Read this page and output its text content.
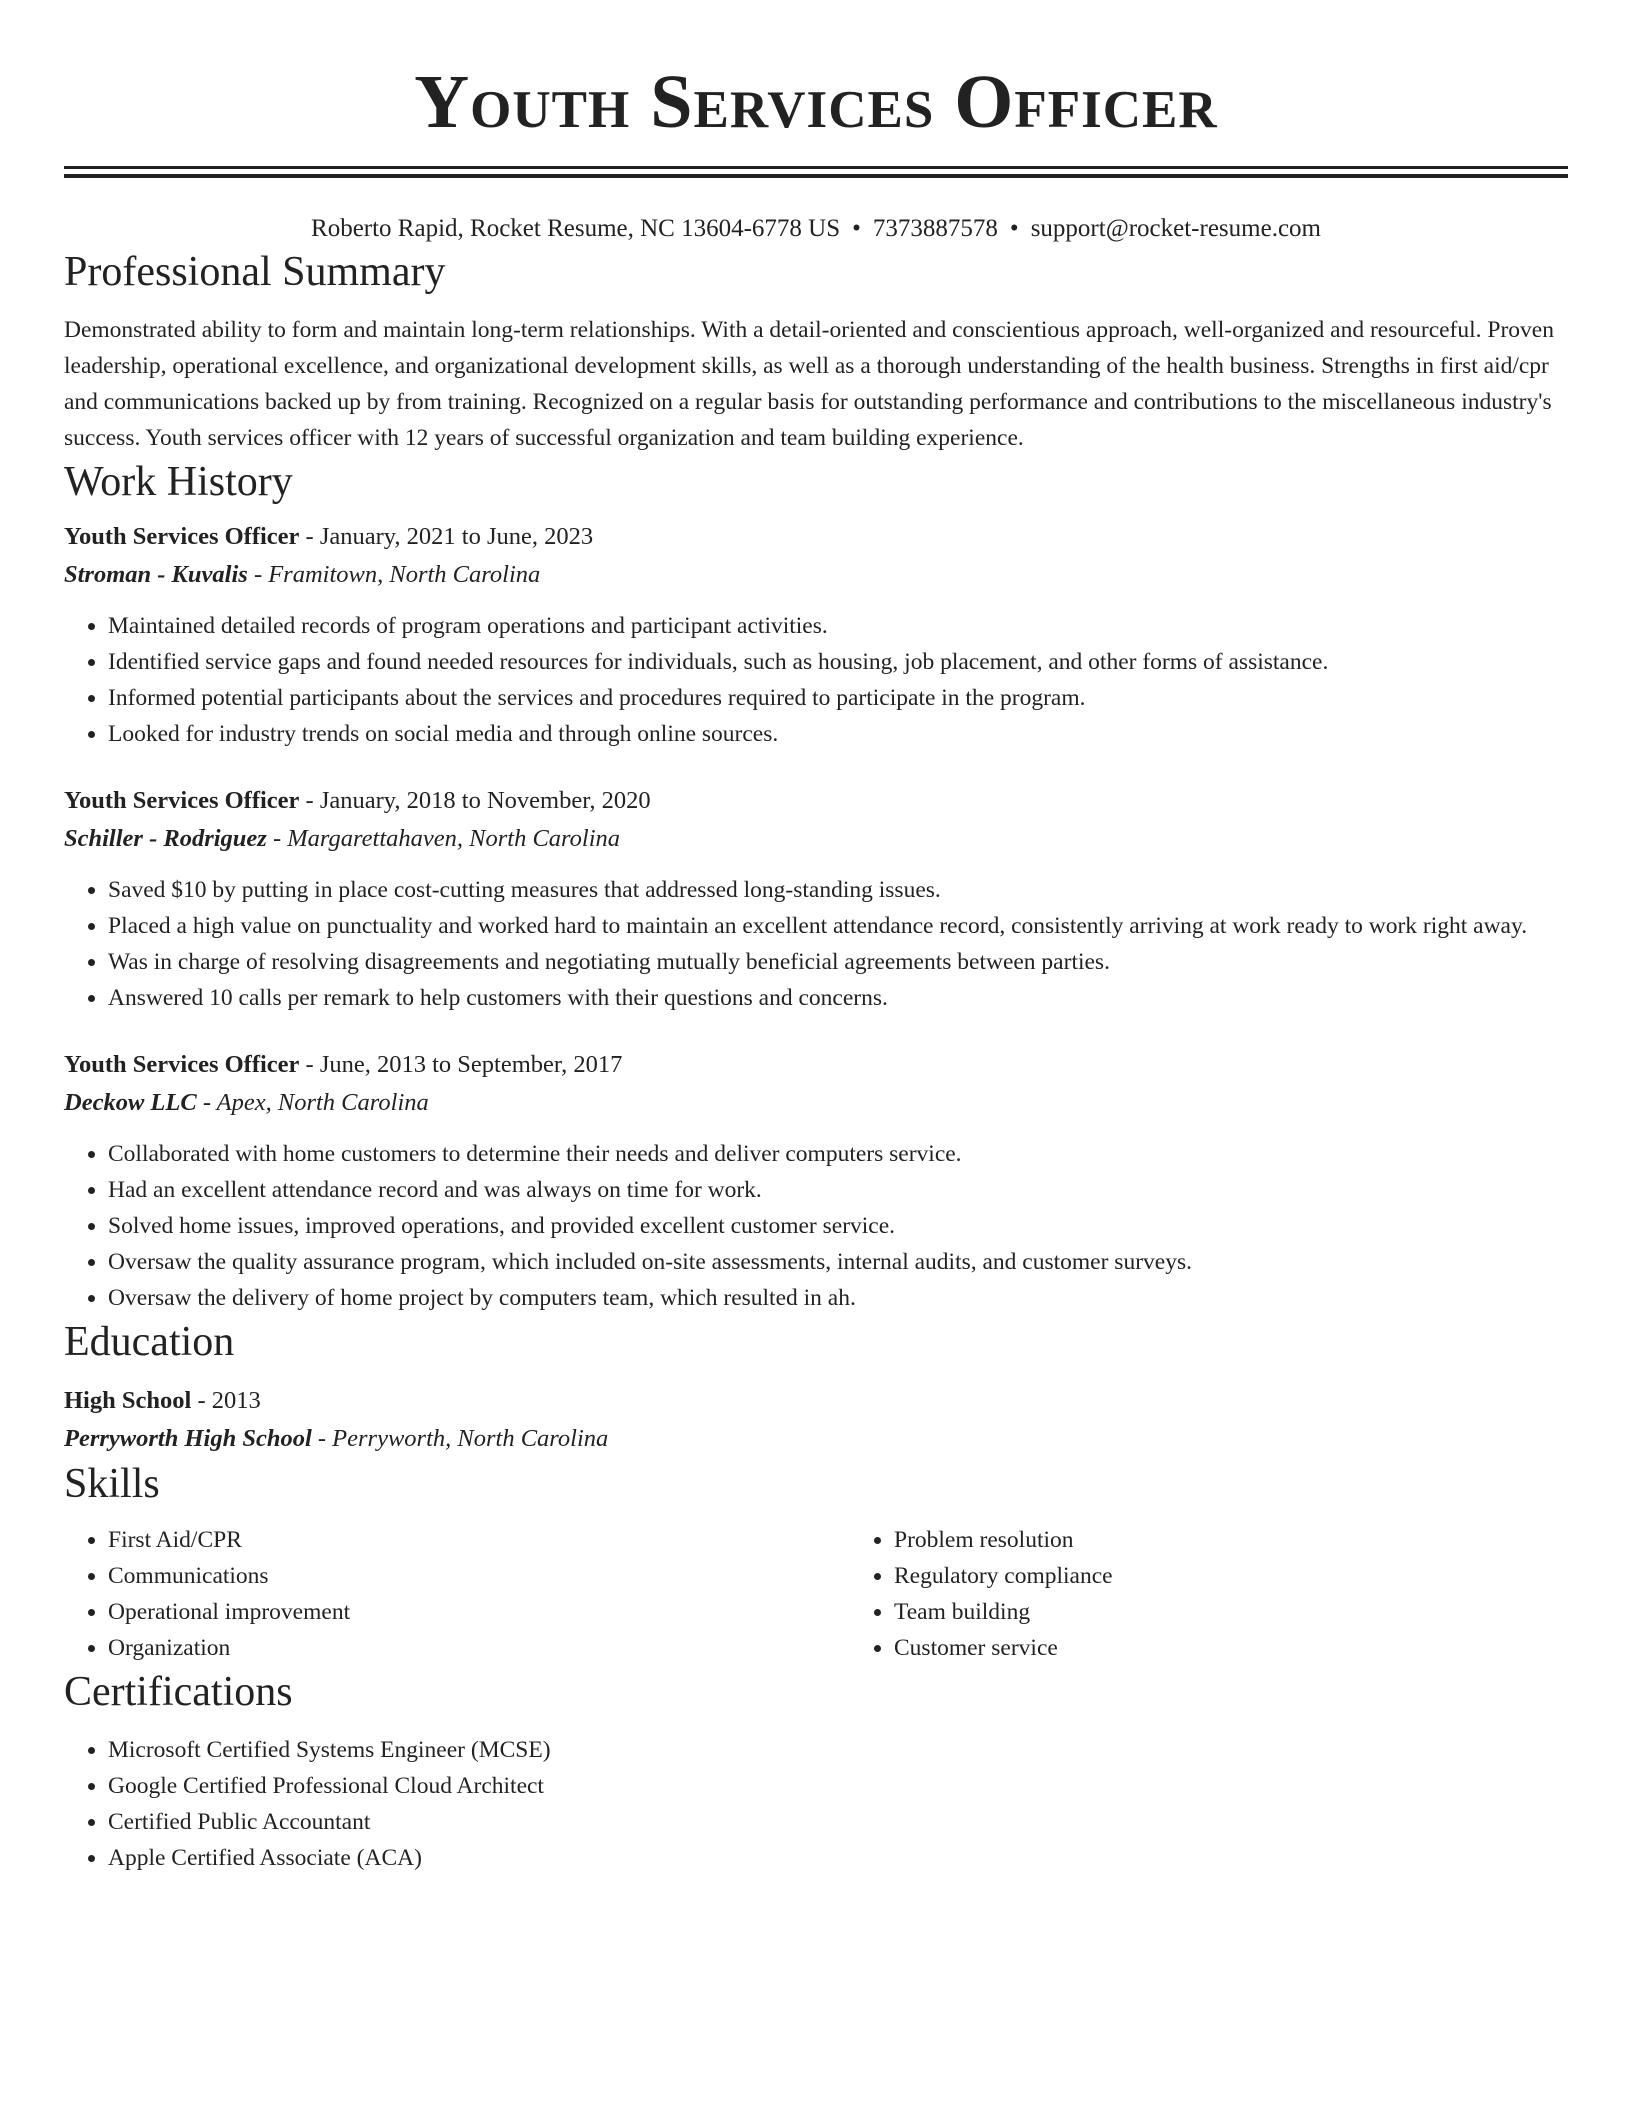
Youth Services Officer
Roberto Rapid, Rocket Resume, NC 13604-6778 US • 7373887578 • support@rocket-resume.com
Professional Summary
Demonstrated ability to form and maintain long-term relationships. With a detail-oriented and conscientious approach, well-organized and resourceful. Proven leadership, operational excellence, and organizational development skills, as well as a thorough understanding of the health business. Strengths in first aid/cpr and communications backed up by from training. Recognized on a regular basis for outstanding performance and contributions to the miscellaneous industry's success. Youth services officer with 12 years of successful organization and team building experience.
Work History
Youth Services Officer - January, 2021 to June, 2023
Stroman - Kuvalis - Framitown, North Carolina
• Maintained detailed records of program operations and participant activities.
• Identified service gaps and found needed resources for individuals, such as housing, job placement, and other forms of assistance.
• Informed potential participants about the services and procedures required to participate in the program.
• Looked for industry trends on social media and through online sources.
Youth Services Officer - January, 2018 to November, 2020
Schiller - Rodriguez - Margarettahaven, North Carolina
• Saved $10 by putting in place cost-cutting measures that addressed long-standing issues.
• Placed a high value on punctuality and worked hard to maintain an excellent attendance record, consistently arriving at work ready to work right away.
• Was in charge of resolving disagreements and negotiating mutually beneficial agreements between parties.
• Answered 10 calls per remark to help customers with their questions and concerns.
Youth Services Officer - June, 2013 to September, 2017
Deckow LLC - Apex, North Carolina
• Collaborated with home customers to determine their needs and deliver computers service.
• Had an excellent attendance record and was always on time for work.
• Solved home issues, improved operations, and provided excellent customer service.
• Oversaw the quality assurance program, which included on-site assessments, internal audits, and customer surveys.
• Oversaw the delivery of home project by computers team, which resulted in ah.
Education
High School - 2013
Perryworth High School - Perryworth, North Carolina
Skills
• First Aid/CPR
• Communications
• Operational improvement
• Organization
• Problem resolution
• Regulatory compliance
• Team building
• Customer service
Certifications
• Microsoft Certified Systems Engineer (MCSE)
• Google Certified Professional Cloud Architect
• Certified Public Accountant
• Apple Certified Associate (ACA)
